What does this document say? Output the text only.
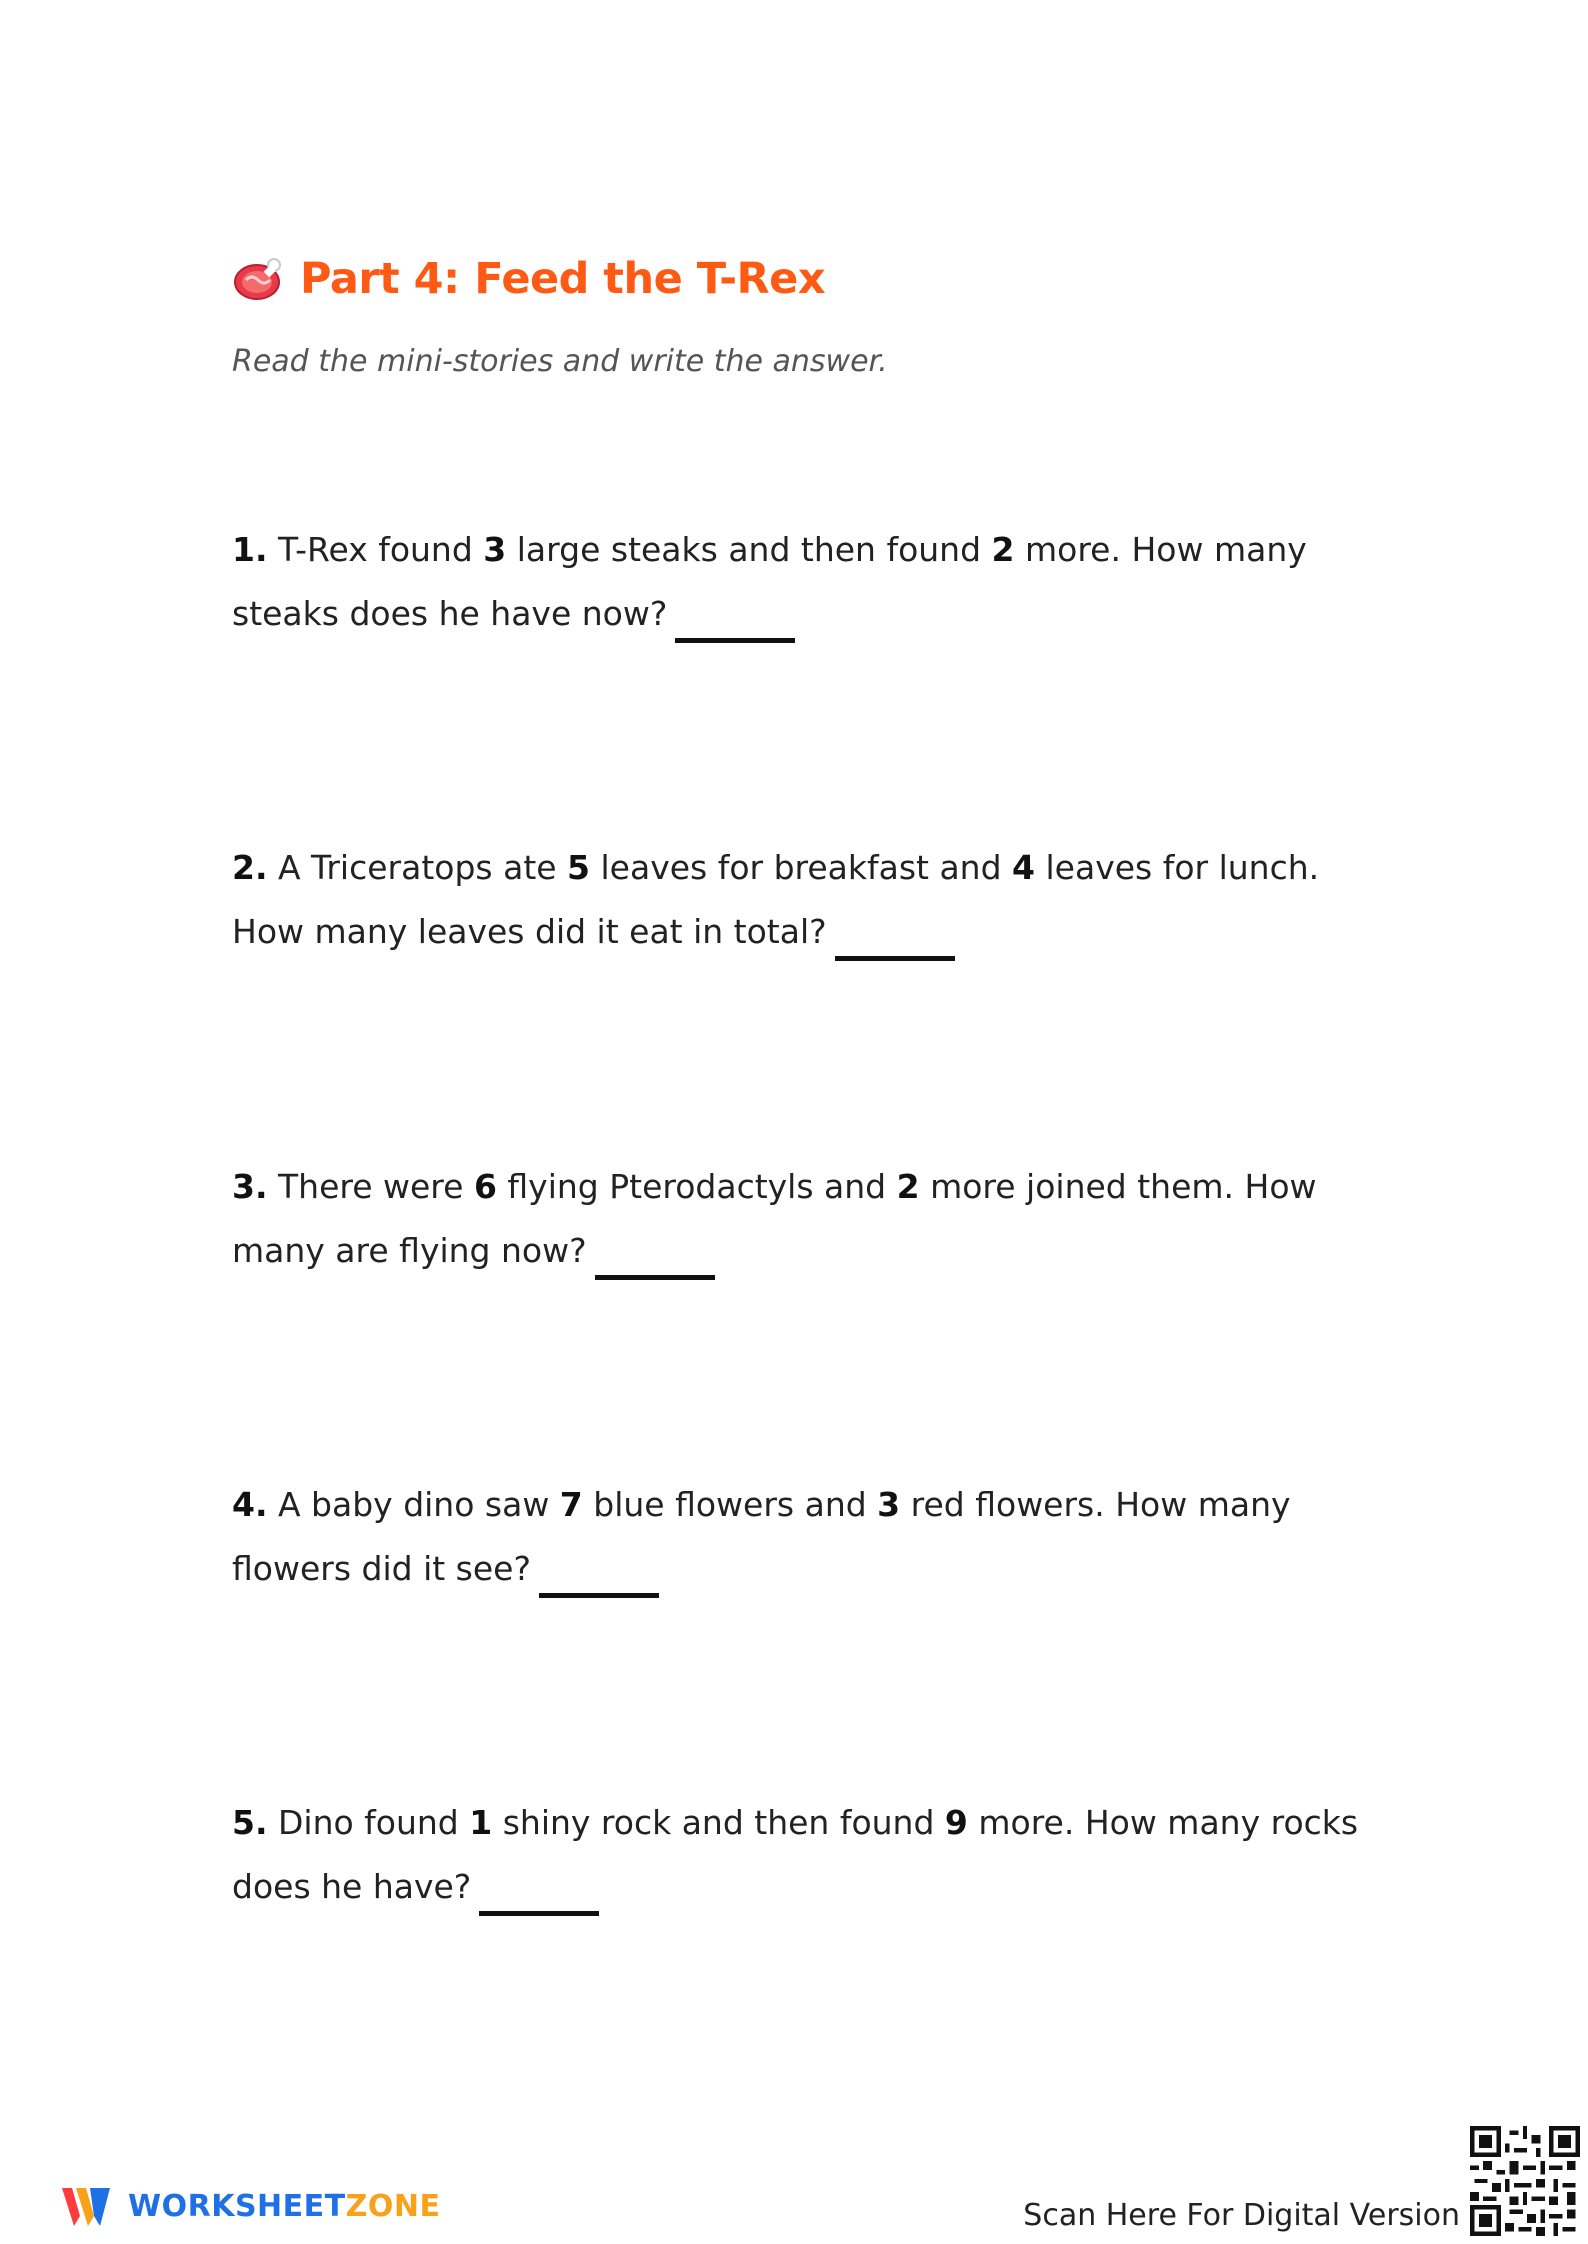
Part 4: Feed the T-Rex
Read the mini-stories and write the answer.
1. T-Rex found 3 large steaks and then found 2 more. How many steaks does he have now?
2. A Triceratops ate 5 leaves for breakfast and 4 leaves for lunch. How many leaves did it eat in total?
3. There were 6 flying Pterodactyls and 2 more joined them. How many are flying now?
4. A baby dino saw 7 blue flowers and 3 red flowers. How many flowers did it see?
5. Dino found 1 shiny rock and then found 9 more. How many rocks does he have?
WORKSHEETZONE	Scan Here For Digital Version
